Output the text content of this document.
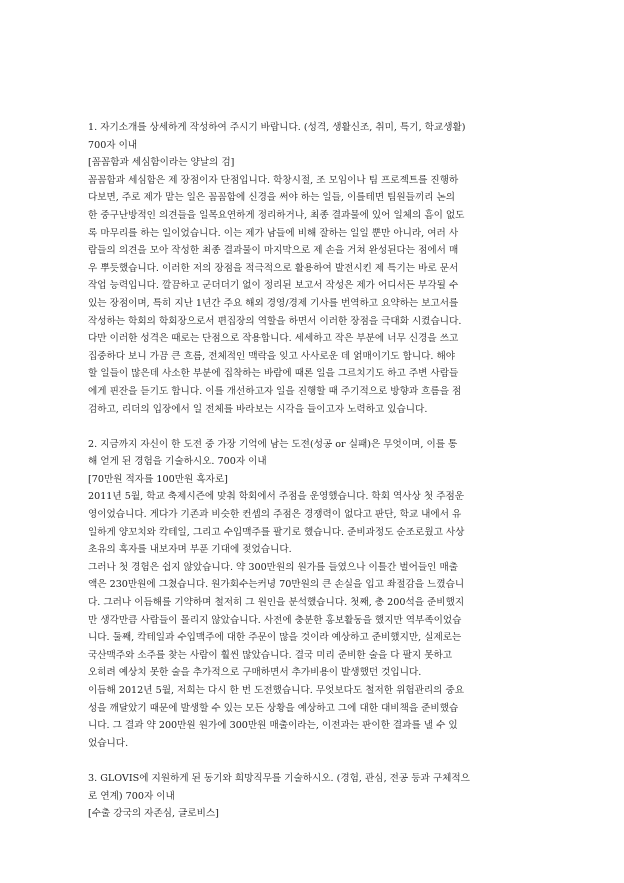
1. 자기소개를 상세하게 작성하여 주시기 바랍니다. (성격, 생활신조, 취미, 특기, 학교생활)
700자 이내
[꼼꼼함과 세심함이라는 양날의 검]
꼼꼼함과 세심함은 제 장점이자 단점입니다. 학창시절, 조 모임이나 팀 프로젝트를 진행하
다보면, 주로 제가 맡는 일은 꼼꼼함에 신경을 써야 하는 일들, 이를테면 팀원들끼리 논의
한 중구난방적인 의견들을 일목요연하게 정리하거나, 최종 결과물에 있어 일체의 흠이 없도
록 마무리를 하는 일이었습니다. 이는 제가 남들에 비해 잘하는 일일 뿐만 아니라, 여러 사
람들의 의견을 모아 작성한 최종 결과물이 마지막으로 제 손을 거쳐 완성된다는 점에서 매
우 뿌듯했습니다. 이러한 저의 장점을 적극적으로 활용하여 발전시킨 제 특기는 바로 문서
작업 능력입니다. 깔끔하고 군더더기 없이 정리된 보고서 작성은 제가 어디서든 부각될 수
있는 장점이며, 특히 지난 1년간 주요 해외 경영/경제 기사를 번역하고 요약하는 보고서를
작성하는 학회의 학회장으로서 편집장의 역할을 하면서 이러한 장점을 극대화 시켰습니다.
다만 이러한 성격은 때로는 단점으로 작용합니다. 세세하고 작은 부분에 너무 신경을 쓰고
집중하다 보니 가끔 큰 흐름, 전체적인 맥락을 잊고 사사로운 데 얽매이기도 합니다. 해야
할 일들이 많은데 사소한 부분에 집착하는 바람에 때론 일을 그르치기도 하고 주변 사람들
에게 핀잔을 듣기도 합니다. 이를 개선하고자 일을 진행할 때 주기적으로 방향과 흐름을 점
검하고, 리더의 입장에서 일 전체를 바라보는 시각을 들이고자 노력하고 있습니다.
2. 지금까지 자신이 한 도전 중 가장 기억에 남는 도전(성공 or 실패)은 무엇이며, 이를 통
해 얻게 된 경험을 기술하시오. 700자 이내
[70만원 적자를 100만원 흑자로]
2011년 5월, 학교 축제시즌에 맞춰 학회에서 주점을 운영했습니다. 학회 역사상 첫 주점운
영이었습니다. 게다가 기존과 비슷한 컨셉의 주점은 경쟁력이 없다고 판단, 학교 내에서 유
일하게 양꼬치와 칵테일, 그리고 수입맥주를 팔기로 했습니다. 준비과정도 순조로웠고 사상
초유의 흑자를 내보자며 부푼 기대에 젖었습니다.
그러나 첫 경험은 쉽지 않았습니다. 약 300만원의 원가를 들였으나 이틀간 벌어들인 매출
액은 230만원에 그쳤습니다. 원가회수는커녕 70만원의 큰 손실을 입고 좌절감을 느꼈습니
다. 그러나 이듬해를 기약하며 철저히 그 원인을 분석했습니다. 첫째, 총 200석을 준비했지
만 생각만큼 사람들이 몰리지 않았습니다. 사전에 충분한 홍보활동을 했지만 역부족이었습
니다. 둘째, 칵테일과 수입맥주에 대한 주문이 많을 것이라 예상하고 준비했지만, 실제로는
국산맥주와 소주를 찾는 사람이 훨씬 많았습니다. 결국 미리 준비한 술을 다 팔지 못하고
오히려 예상치 못한 술을 추가적으로 구매하면서 추가비용이 발생했던 것입니다.
이듬해 2012년 5월, 저희는 다시 한 번 도전했습니다. 무엇보다도 철저한 위험관리의 중요
성을 깨달았기 때문에 발생할 수 있는 모든 상황을 예상하고 그에 대한 대비책을 준비했습
니다. 그 결과 약 200만원 원가에 300만원 매출이라는, 이전과는 판이한 결과를 낼 수 있
었습니다.
3. GLOVIS에 지원하게 된 동기와 희망직무를 기술하시오. (경험, 관심, 전공 등과 구체적으
로 연계) 700자 이내
[수출 강국의 자존심, 글로비스]
